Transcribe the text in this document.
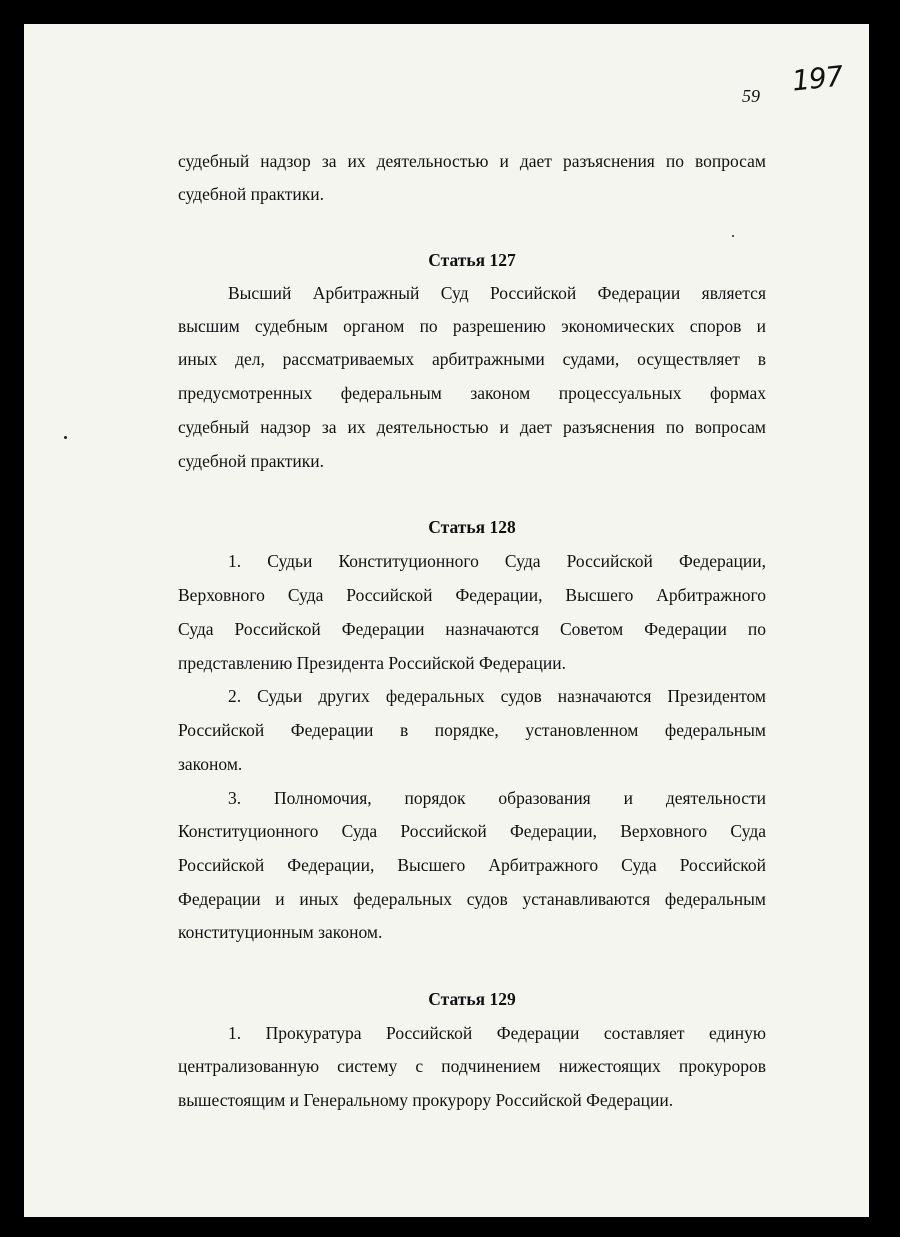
59 197
судебный надзор за их деятельностью и дает разъяснения по вопросам
судебной практики.
Статья 127
Высший Арбитражный Суд Российской Федерации является
высшим судебным органом по разрешению экономических споров и
иных дел, рассматриваемых арбитражными судами, осуществляет в
предусмотренных федеральным законом процессуальных формах
судебный надзор за их деятельностью и дает разъяснения по вопросам
судебной практики.
Статья 128
1. Судьи Конституционного Суда Российской Федерации,
Верховного Суда Российской Федерации, Высшего Арбитражного
Суда Российской Федерации назначаются Советом Федерации по
представлению Президента Российской Федерации.
2. Судьи других федеральных судов назначаются Президентом
Российской Федерации в порядке, установленном федеральным
законом.
3. Полномочия, порядок образования и деятельности
Конституционного Суда Российской Федерации, Верховного Суда
Российской Федерации, Высшего Арбитражного Суда Российской
Федерации и иных федеральных судов устанавливаются федеральным
конституционным законом.
Статья 129
1. Прокуратура Российской Федерации составляет единую
централизованную систему с подчинением нижестоящих прокуроров
вышестоящим и Генеральному прокурору Российской Федерации.
